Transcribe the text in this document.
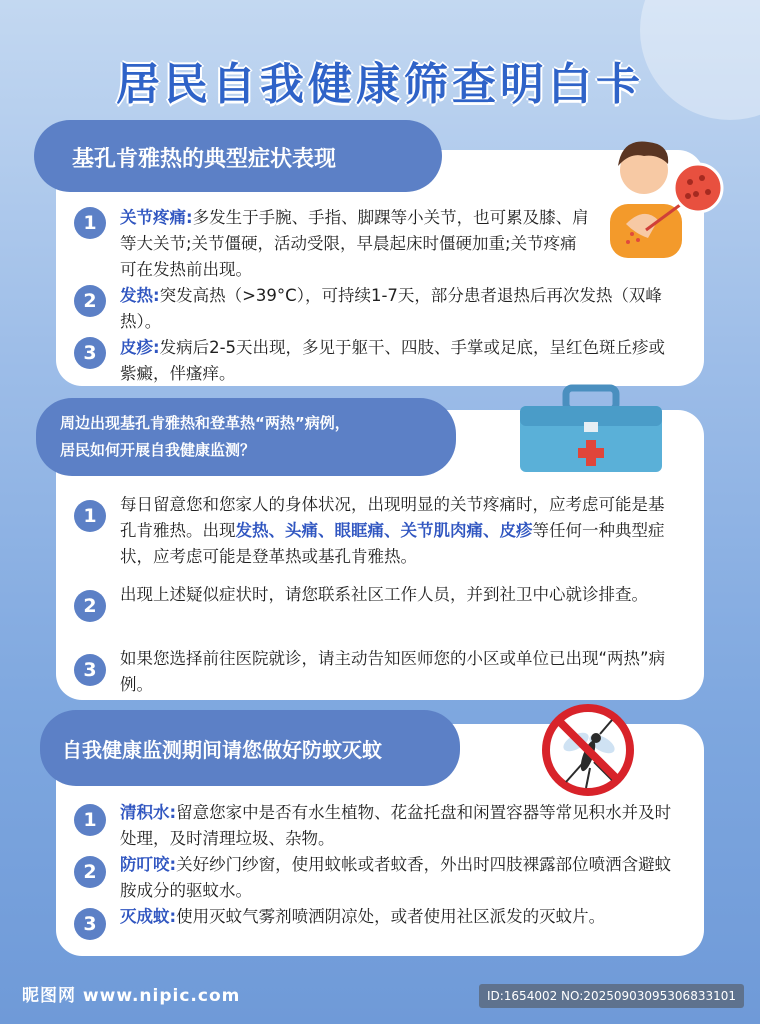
居民自我健康筛查明白卡
基孔肯雅热的典型症状表现
1	关节疼痛:多发生于手腕、手指、脚踝等小关节，也可累及膝、肩等大关节;关节僵硬，活动受限，早晨起床时僵硬加重;关节疼痛可在发热前出现。
2	发热:突发高热（>39°C），可持续1-7天，部分患者退热后再次发热（双峰热）。
3	皮疹:发病后2-5天出现，多见于躯干、四肢、手掌或足底，呈红色斑丘疹或紫癜，伴瘙痒。
周边出现基孔肯雅热和登革热“两热”病例，
居民如何开展自我健康监测？
1
每日留意您和您家人的身体状况，出现明显的关节疼痛时，应考虑可能是基孔肯雅热。出现发热、头痛、眼眶痛、关节肌肉痛、皮疹等任何一种典型症状，应考虑可能是登革热或基孔肯雅热。
2
出现上述疑似症状时，请您联系社区工作人员，并到社卫中心就诊排查。
3
如果您选择前往医院就诊，请主动告知医师您的小区或单位已出现“两热”病例。
自我健康监测期间请您做好防蚊灭蚊
1	清积水:留意您家中是否有水生植物、花盆托盘和闲置容器等常见积水并及时处理，及时清理垃圾、杂物。
2	防叮咬:关好纱门纱窗，使用蚊帐或者蚊香，外出时四肢裸露部位喷洒含避蚊胺成分的驱蚊水。
3	灭成蚊:使用灭蚊气雾剂喷洒阴凉处，或者使用社区派发的灭蚊片。
昵图网 www.nipic.com	ID:1654002 NO:20250903095306833101
